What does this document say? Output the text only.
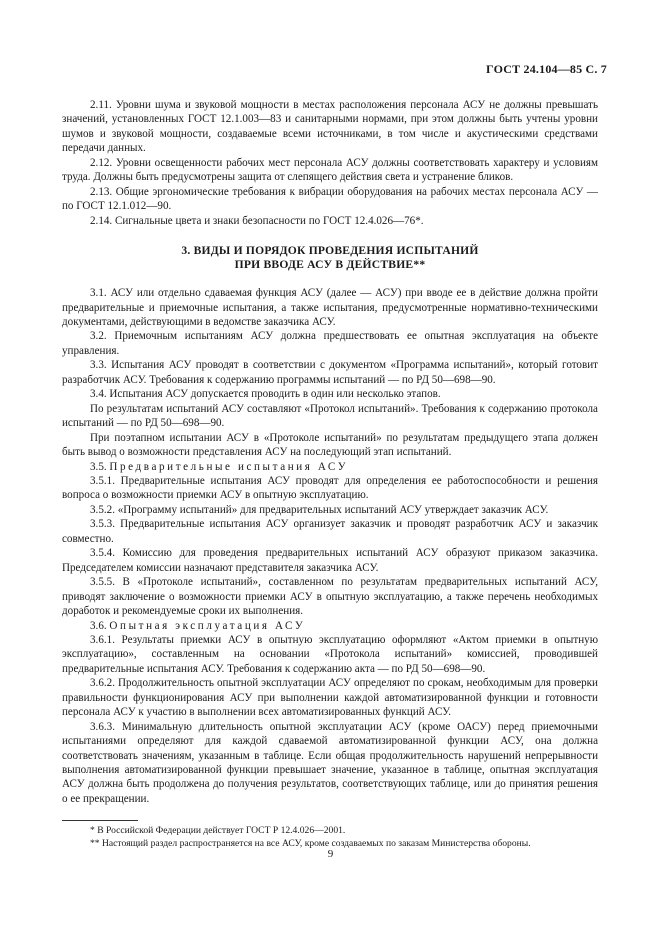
ГОСТ 24.104—85 С. 7

2.11. Уровни шума и звуковой мощности в местах расположения персонала АСУ не должны превышать значений, установленных ГОСТ 12.1.003—83 и санитарными нормами, при этом должны быть учтены уровни шумов и звуковой мощности, создаваемые всеми источниками, в том числе и акустическими средствами передачи данных.

2.12. Уровни освещенности рабочих мест персонала АСУ должны соответствовать характеру и условиям труда. Должны быть предусмотрены защита от слепящего действия света и устранение бликов.

2.13. Общие эргономические требования к вибрации оборудования на рабочих местах персонала АСУ — по ГОСТ 12.1.012—90.

2.14. Сигнальные цвета и знаки безопасности по ГОСТ 12.4.026—76*.

3. ВИДЫ И ПОРЯДОК ПРОВЕДЕНИЯ ИСПЫТАНИЙ
ПРИ ВВОДЕ АСУ В ДЕЙСТВИЕ**

3.1. АСУ или отдельно сдаваемая функция АСУ (далее — АСУ) при вводе ее в действие должна пройти предварительные и приемочные испытания, а также испытания, предусмотренные нормативно-техническими документами, действующими в ведомстве заказчика АСУ.

3.2. Приемочным испытаниям АСУ должна предшествовать ее опытная эксплуатация на объекте управления.

3.3. Испытания АСУ проводят в соответствии с документом «Программа испытаний», который готовит разработчик АСУ. Требования к содержанию программы испытаний — по РД 50—698—90.

3.4. Испытания АСУ допускается проводить в один или несколько этапов.

По результатам испытаний АСУ составляют «Протокол испытаний». Требования к содержанию протокола испытаний — по РД 50—698—90.

При поэтапном испытании АСУ в «Протоколе испытаний» по результатам предыдущего этапа должен быть вывод о возможности представления АСУ на последующий этап испытаний.

3.5. Предварительные испытания АСУ

3.5.1. Предварительные испытания АСУ проводят для определения ее работоспособности и решения вопроса о возможности приемки АСУ в опытную эксплуатацию.

3.5.2. «Программу испытаний» для предварительных испытаний АСУ утверждает заказчик АСУ.

3.5.3. Предварительные испытания АСУ организует заказчик и проводят разработчик АСУ и заказчик совместно.

3.5.4. Комиссию для проведения предварительных испытаний АСУ образуют приказом заказчика. Председателем комиссии назначают представителя заказчика АСУ.

3.5.5. В «Протоколе испытаний», составленном по результатам предварительных испытаний АСУ, приводят заключение о возможности приемки АСУ в опытную эксплуатацию, а также перечень необходимых доработок и рекомендуемые сроки их выполнения.

3.6. Опытная эксплуатация АСУ

3.6.1. Результаты приемки АСУ в опытную эксплуатацию оформляют «Актом приемки в опытную эксплуатацию», составленным на основании «Протокола испытаний» комиссией, проводившей предварительные испытания АСУ. Требования к содержанию акта — по РД 50—698—90.

3.6.2. Продолжительность опытной эксплуатации АСУ определяют по срокам, необходимым для проверки правильности функционирования АСУ при выполнении каждой автоматизированной функции и готовности персонала АСУ к участию в выполнении всех автоматизированных функций АСУ.

3.6.3. Минимальную длительность опытной эксплуатации АСУ (кроме ОАСУ) перед приемочными испытаниями определяют для каждой сдаваемой автоматизированной функции АСУ, она должна соответствовать значениям, указанным в таблице. Если общая продолжительность нарушений непрерывности выполнения автоматизированной функции превышает значение, указанное в таблице, опытная эксплуатация АСУ должна быть продолжена до получения результатов, соответствующих таблице, или до принятия решения о ее прекращении.

* В Российской Федерации действует ГОСТ Р 12.4.026—2001.

** Настоящий раздел распространяется на все АСУ, кроме создаваемых по заказам Министерства обороны.

9
